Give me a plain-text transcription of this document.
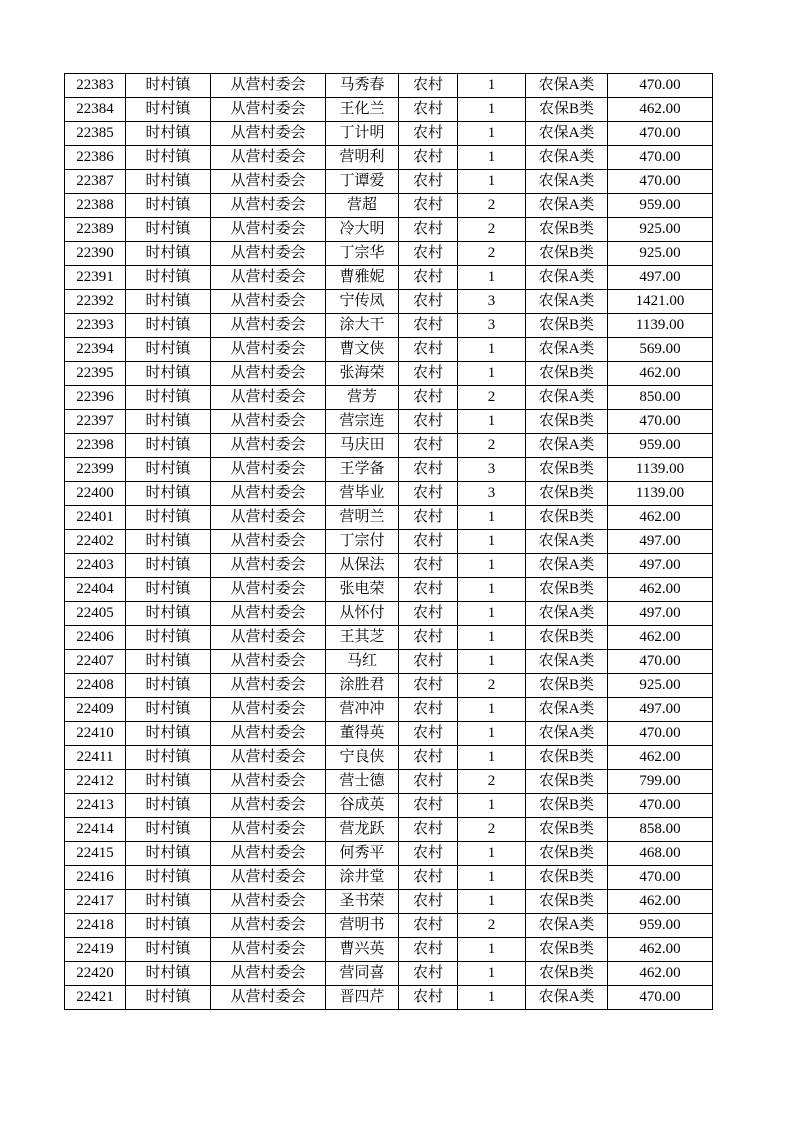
22383	时村镇	从营村委会	马秀春	农村	1	农保A类	470.00
22384	时村镇	从营村委会	王化兰	农村	1	农保B类	462.00
22385	时村镇	从营村委会	丁计明	农村	1	农保A类	470.00
22386	时村镇	从营村委会	营明利	农村	1	农保A类	470.00
22387	时村镇	从营村委会	丁谭爱	农村	1	农保A类	470.00
22388	时村镇	从营村委会	营超	农村	2	农保A类	959.00
22389	时村镇	从营村委会	冷大明	农村	2	农保B类	925.00
22390	时村镇	从营村委会	丁宗华	农村	2	农保B类	925.00
22391	时村镇	从营村委会	曹雅妮	农村	1	农保A类	497.00
22392	时村镇	从营村委会	宁传凤	农村	3	农保A类	1421.00
22393	时村镇	从营村委会	涂大干	农村	3	农保B类	1139.00
22394	时村镇	从营村委会	曹文侠	农村	1	农保A类	569.00
22395	时村镇	从营村委会	张海荣	农村	1	农保B类	462.00
22396	时村镇	从营村委会	营芳	农村	2	农保A类	850.00
22397	时村镇	从营村委会	营宗连	农村	1	农保B类	470.00
22398	时村镇	从营村委会	马庆田	农村	2	农保A类	959.00
22399	时村镇	从营村委会	王学备	农村	3	农保B类	1139.00
22400	时村镇	从营村委会	营毕业	农村	3	农保B类	1139.00
22401	时村镇	从营村委会	营明兰	农村	1	农保B类	462.00
22402	时村镇	从营村委会	丁宗付	农村	1	农保A类	497.00
22403	时村镇	从营村委会	从保法	农村	1	农保A类	497.00
22404	时村镇	从营村委会	张电荣	农村	1	农保B类	462.00
22405	时村镇	从营村委会	从怀付	农村	1	农保A类	497.00
22406	时村镇	从营村委会	王其芝	农村	1	农保B类	462.00
22407	时村镇	从营村委会	马红	农村	1	农保A类	470.00
22408	时村镇	从营村委会	涂胜君	农村	2	农保B类	925.00
22409	时村镇	从营村委会	营冲冲	农村	1	农保A类	497.00
22410	时村镇	从营村委会	董得英	农村	1	农保A类	470.00
22411	时村镇	从营村委会	宁良侠	农村	1	农保B类	462.00
22412	时村镇	从营村委会	营士德	农村	2	农保B类	799.00
22413	时村镇	从营村委会	谷成英	农村	1	农保B类	470.00
22414	时村镇	从营村委会	营龙跃	农村	2	农保B类	858.00
22415	时村镇	从营村委会	何秀平	农村	1	农保B类	468.00
22416	时村镇	从营村委会	涂井堂	农村	1	农保B类	470.00
22417	时村镇	从营村委会	圣书荣	农村	1	农保B类	462.00
22418	时村镇	从营村委会	营明书	农村	2	农保A类	959.00
22419	时村镇	从营村委会	曹兴英	农村	1	农保B类	462.00
22420	时村镇	从营村委会	营同喜	农村	1	农保B类	462.00
22421	时村镇	从营村委会	晋四芹	农村	1	农保A类	470.00
